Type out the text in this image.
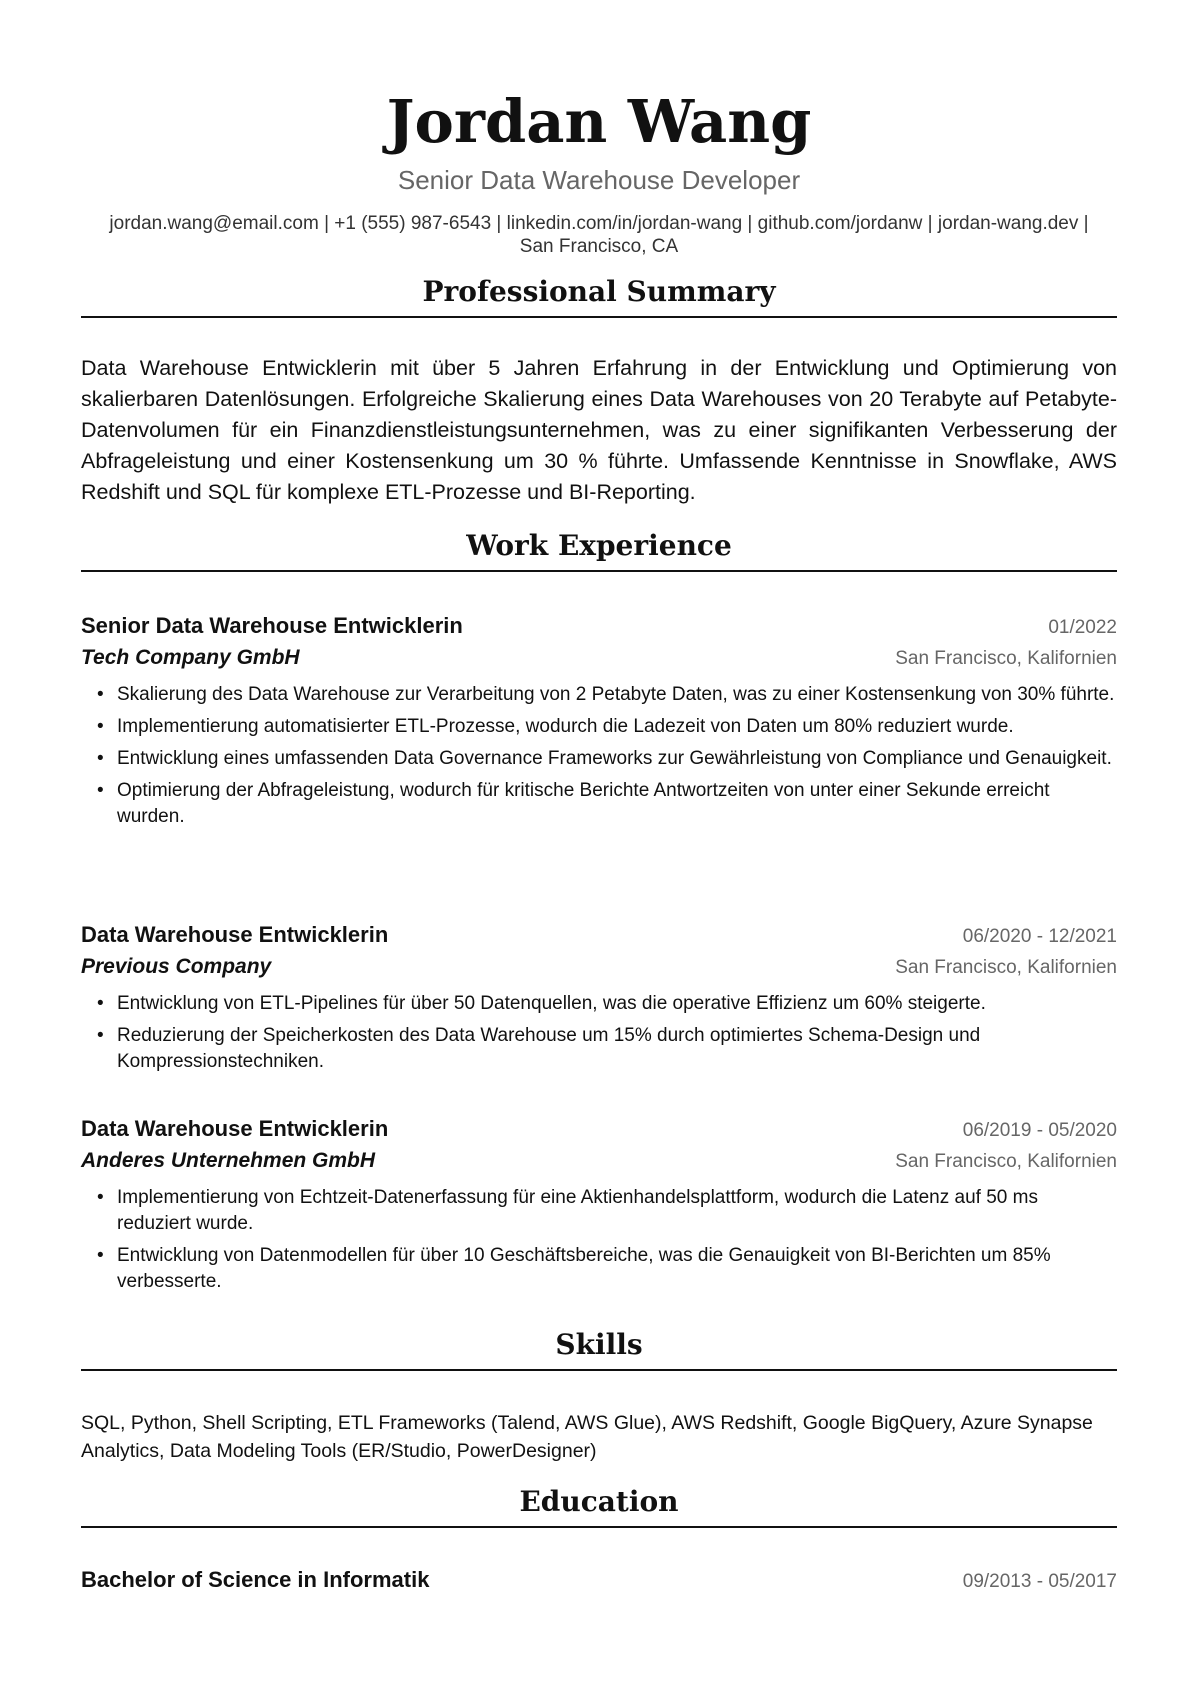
Jordan Wang
Senior Data Warehouse Developer
jordan.wang@email.com | +1 (555) 987-6543 | linkedin.com/in/jordan-wang | github.com/jordanw | jordan-wang.dev |
San Francisco, CA
Professional Summary

Data Warehouse Entwicklerin mit über 5 Jahren Erfahrung in der Entwicklung und Optimierung von skalierbaren Datenlösungen. Erfolgreiche Skalierung eines Data Warehouses von 20 Terabyte auf Petabyte-Datenvolumen für ein Finanzdienstleistungsunternehmen, was zu einer signifikanten Verbesserung der Abfrageleistung und einer Kostensenkung um 30 % führte. Umfassende Kenntnisse in Snowflake, AWS Redshift und SQL für komplexe ETL-Prozesse und BI-Reporting.

Work Experience
Senior Data Warehouse Entwicklerin	01/2022
Tech Company GmbH	San Francisco, Kalifornien
• Skalierung des Data Warehouse zur Verarbeitung von 2 Petabyte Daten, was zu einer Kostensenkung von 30% führte.
• Implementierung automatisierter ETL-Prozesse, wodurch die Ladezeit von Daten um 80% reduziert wurde.
• Entwicklung eines umfassenden Data Governance Frameworks zur Gewährleistung von Compliance und Genauigkeit.
• Optimierung der Abfrageleistung, wodurch für kritische Berichte Antwortzeiten von unter einer Sekunde erreicht wurden.
Data Warehouse Entwicklerin	06/2020 - 12/2021
Previous Company	San Francisco, Kalifornien
• Entwicklung von ETL-Pipelines für über 50 Datenquellen, was die operative Effizienz um 60% steigerte.
• Reduzierung der Speicherkosten des Data Warehouse um 15% durch optimiertes Schema-Design und Kompressionstechniken.
Data Warehouse Entwicklerin	06/2019 - 05/2020
Anderes Unternehmen GmbH	San Francisco, Kalifornien
• Implementierung von Echtzeit-Datenerfassung für eine Aktienhandelsplattform, wodurch die Latenz auf 50 ms reduziert wurde.
• Entwicklung von Datenmodellen für über 10 Geschäftsbereiche, was die Genauigkeit von BI-Berichten um 85% verbesserte.
Skills

SQL, Python, Shell Scripting, ETL Frameworks (Talend, AWS Glue), AWS Redshift, Google BigQuery, Azure Synapse Analytics, Data Modeling Tools (ER/Studio, PowerDesigner)

Education
Bachelor of Science in Informatik	09/2013 - 05/2017
